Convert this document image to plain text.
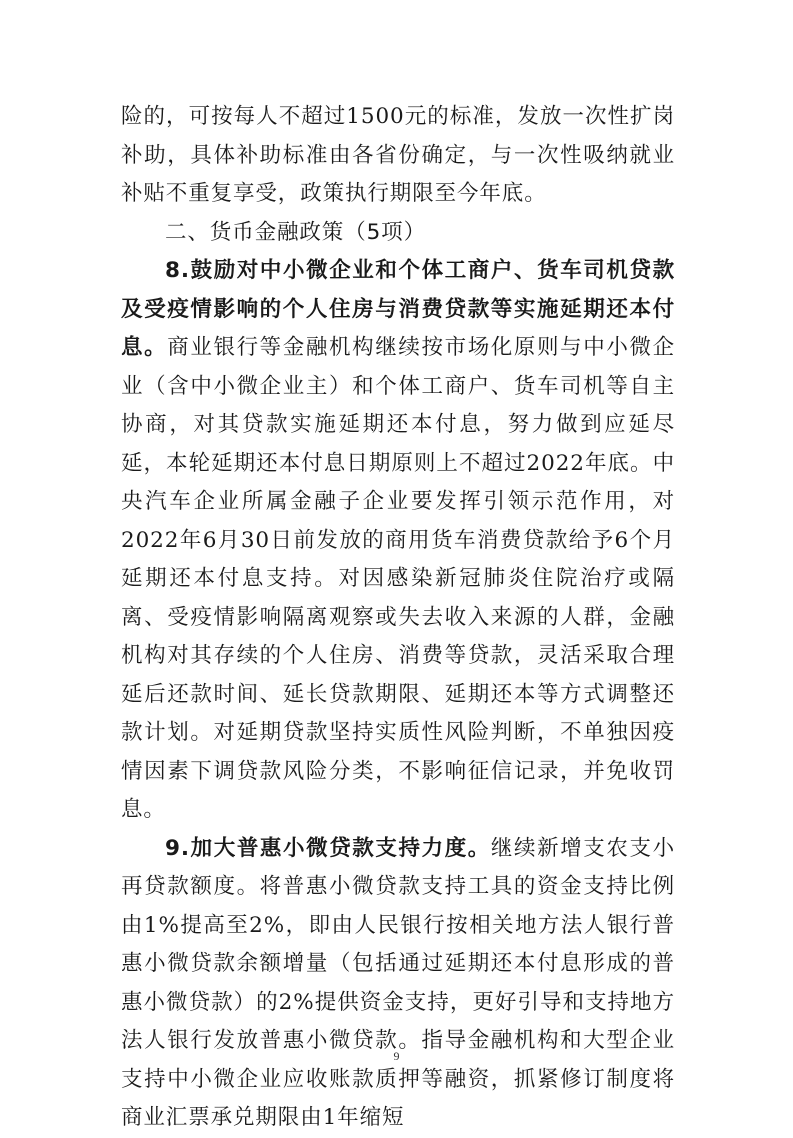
险的，可按每人不超过1500元的标准，发放一次性扩岗补助，具体补助标准由各省份确定，与一次性吸纳就业补贴不重复享受，政策执行期限至今年底。

二、货币金融政策（5项）

8.鼓励对中小微企业和个体工商户、货车司机贷款及受疫情影响的个人住房与消费贷款等实施延期还本付息。商业银行等金融机构继续按市场化原则与中小微企业（含中小微企业主）和个体工商户、货车司机等自主协商，对其贷款实施延期还本付息，努力做到应延尽延，本轮延期还本付息日期原则上不超过2022年底。中央汽车企业所属金融子企业要发挥引领示范作用，对2022年6月30日前发放的商用货车消费贷款给予6个月延期还本付息支持。对因感染新冠肺炎住院治疗或隔离、受疫情影响隔离观察或失去收入来源的人群，金融机构对其存续的个人住房、消费等贷款，灵活采取合理延后还款时间、延长贷款期限、延期还本等方式调整还款计划。对延期贷款坚持实质性风险判断，不单独因疫情因素下调贷款风险分类，不影响征信记录，并免收罚息。

9.加大普惠小微贷款支持力度。继续新增支农支小再贷款额度。将普惠小微贷款支持工具的资金支持比例由1%提高至2%，即由人民银行按相关地方法人银行普惠小微贷款余额增量（包括通过延期还本付息形成的普惠小微贷款）的2%提供资金支持，更好引导和支持地方法人银行发放普惠小微贷款。指导金融机构和大型企业支持中小微企业应收账款质押等融资，抓紧修订制度将商业汇票承兑期限由1年缩短

9
